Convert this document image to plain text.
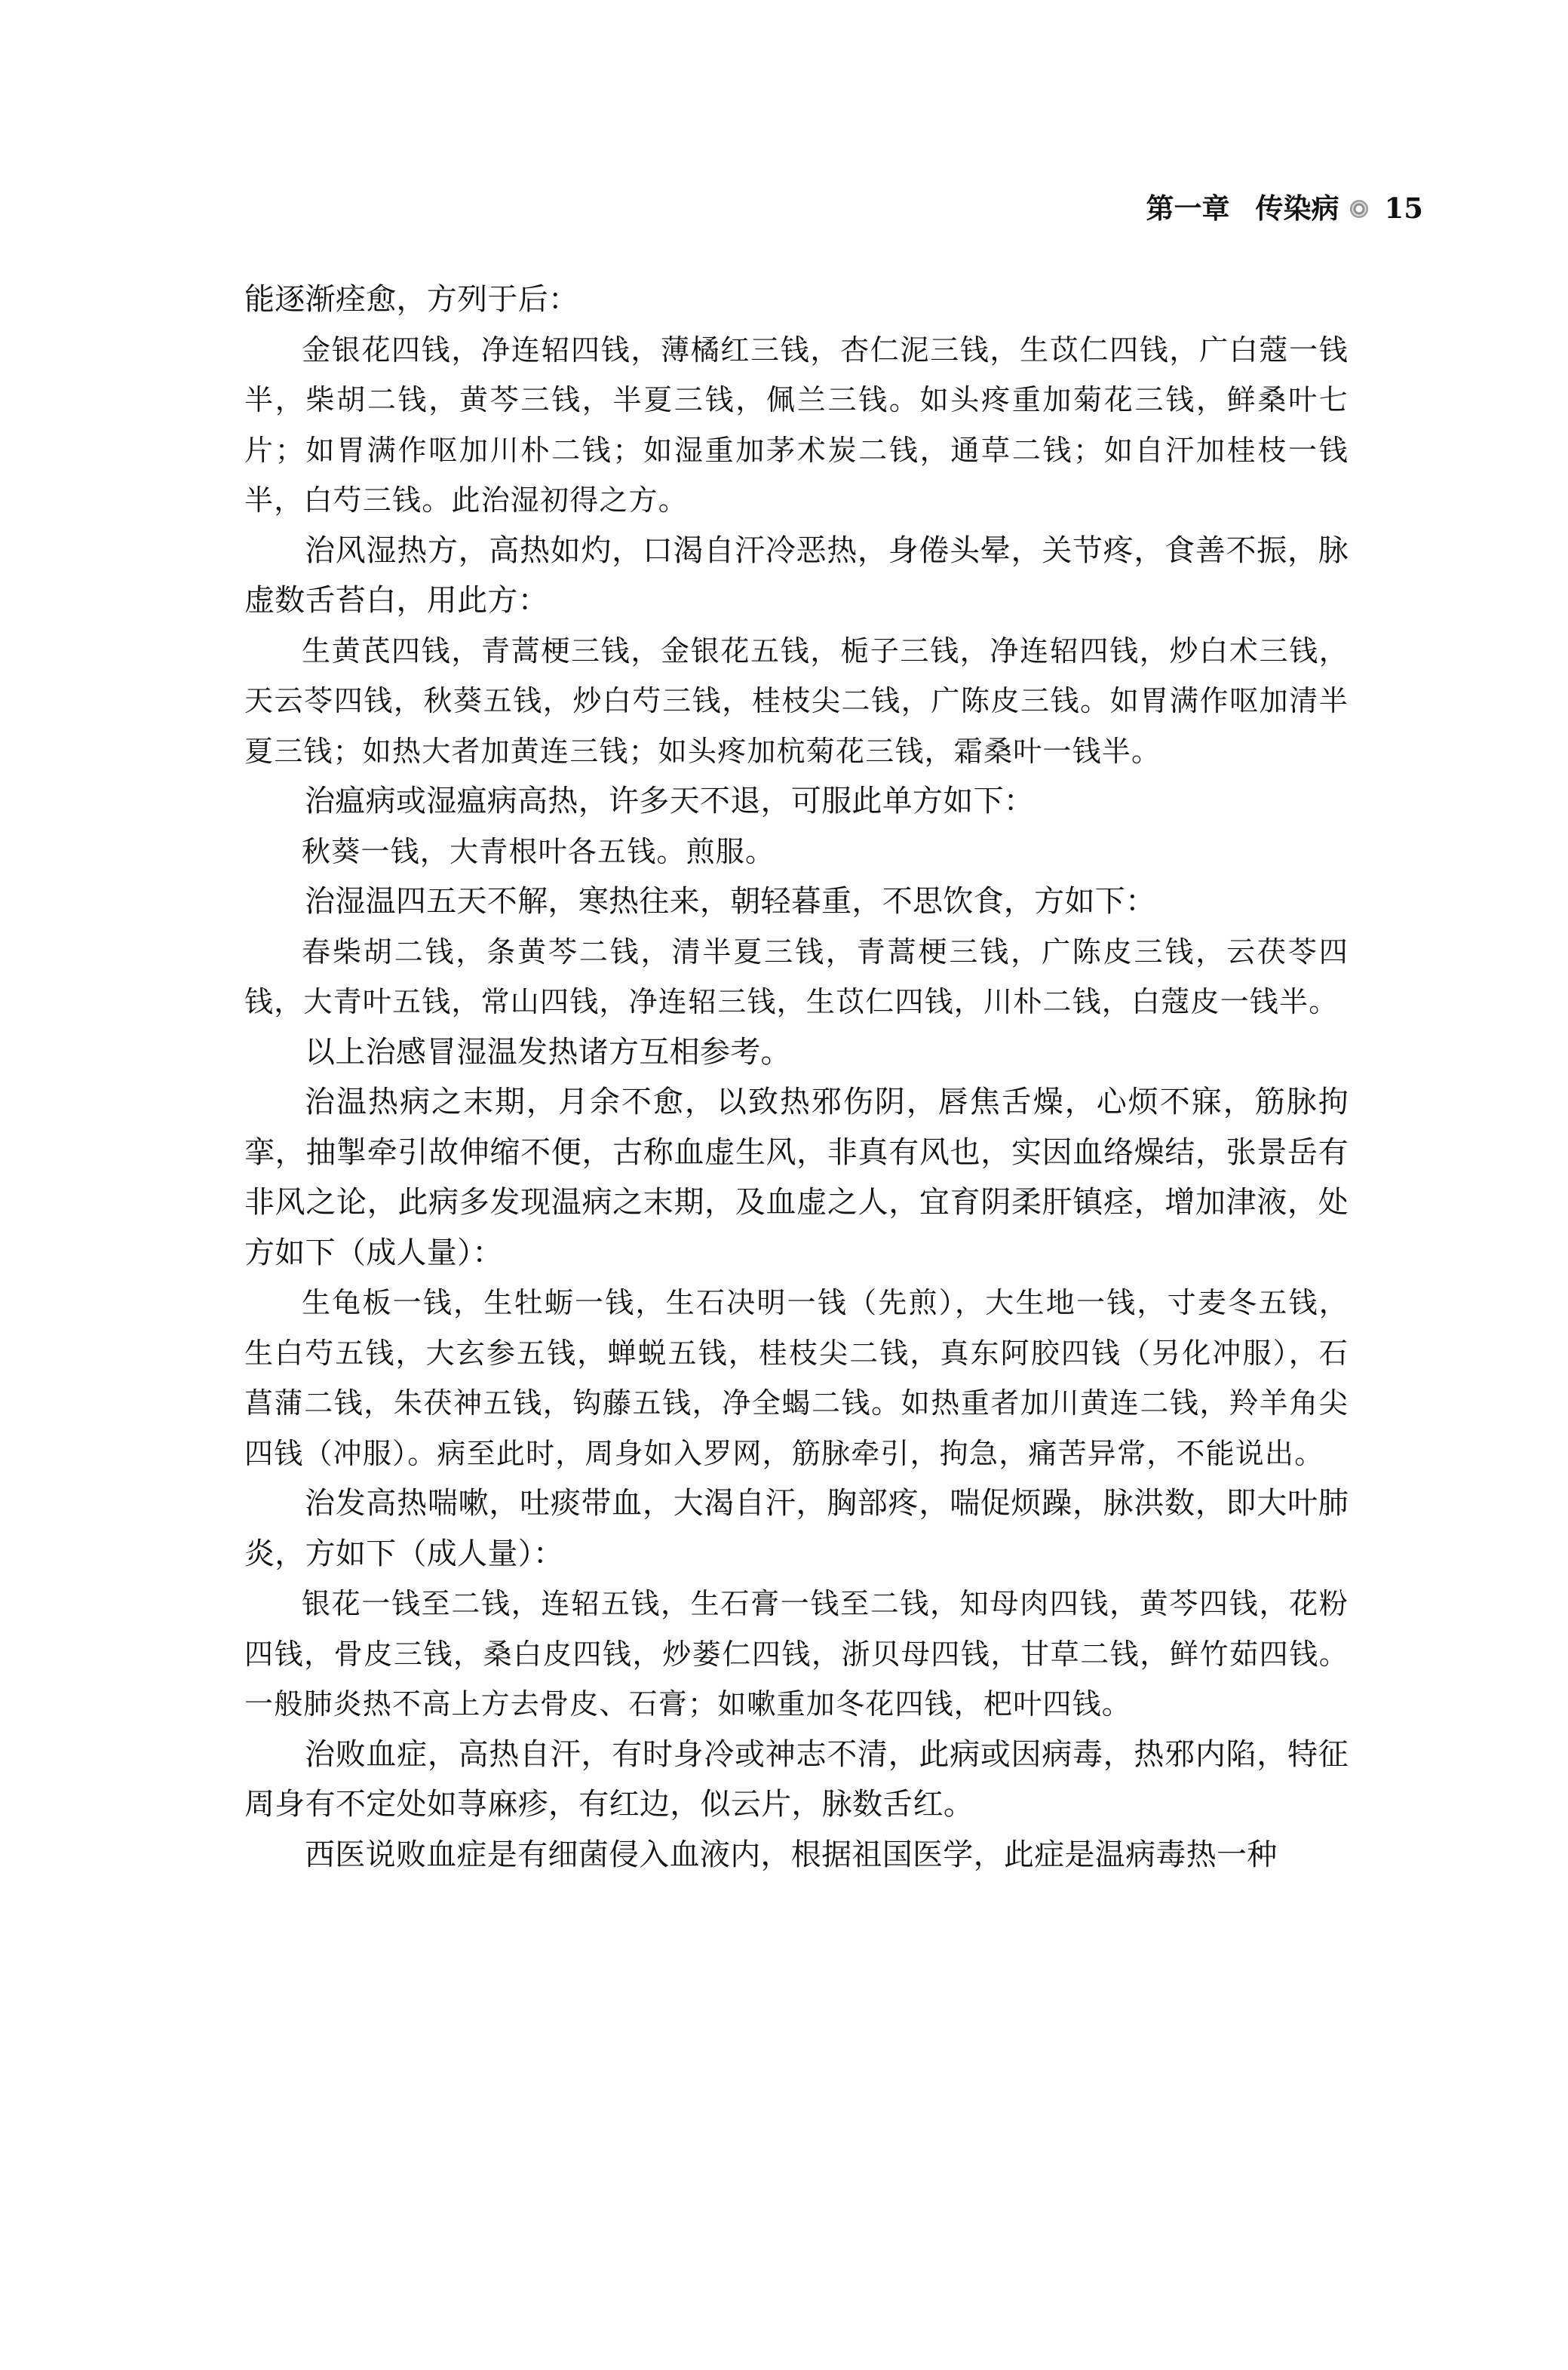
第一章 传染病 15

能逐渐痊愈，方列于后：

金银花四钱，净连轺四钱，薄橘红三钱，杏仁泥三钱，生苡仁四钱，广白蔻一钱半，柴胡二钱，黄芩三钱，半夏三钱，佩兰三钱。如头疼重加菊花三钱，鲜桑叶七片；如胃满作呕加川朴二钱；如湿重加茅术炭二钱，通草二钱；如自汗加桂枝一钱半，白芍三钱。此治湿初得之方。

治风湿热方，高热如灼，口渴自汗冷恶热，身倦头晕，关节疼，食善不振，脉虚数舌苔白，用此方：

生黄芪四钱，青蒿梗三钱，金银花五钱，栀子三钱，净连轺四钱，炒白术三钱，天云苓四钱，秋葵五钱，炒白芍三钱，桂枝尖二钱，广陈皮三钱。如胃满作呕加清半夏三钱；如热大者加黄连三钱；如头疼加杭菊花三钱，霜桑叶一钱半。

治瘟病或湿瘟病高热，许多天不退，可服此单方如下：

秋葵一钱，大青根叶各五钱。煎服。

治湿温四五天不解，寒热往来，朝轻暮重，不思饮食，方如下：

春柴胡二钱，条黄芩二钱，清半夏三钱，青蒿梗三钱，广陈皮三钱，云茯苓四钱，大青叶五钱，常山四钱，净连轺三钱，生苡仁四钱，川朴二钱，白蔻皮一钱半。

以上治感冒湿温发热诸方互相参考。

治温热病之末期，月余不愈，以致热邪伤阴，唇焦舌燥，心烦不寐，筋脉拘挛，抽掣牵引故伸缩不便，古称血虚生风，非真有风也，实因血络燥结，张景岳有非风之论，此病多发现温病之末期，及血虚之人，宜育阴柔肝镇痉，增加津液，处方如下（成人量）：

生龟板一钱，生牡蛎一钱，生石决明一钱（先煎），大生地一钱，寸麦冬五钱，生白芍五钱，大玄参五钱，蝉蜕五钱，桂枝尖二钱，真东阿胶四钱（另化冲服），石菖蒲二钱，朱茯神五钱，钩藤五钱，净全蝎二钱。如热重者加川黄连二钱，羚羊角尖四钱（冲服）。病至此时，周身如入罗网，筋脉牵引，拘急，痛苦异常，不能说出。

治发高热喘嗽，吐痰带血，大渴自汗，胸部疼，喘促烦躁，脉洪数，即大叶肺炎，方如下（成人量）：

银花一钱至二钱，连轺五钱，生石膏一钱至二钱，知母肉四钱，黄芩四钱，花粉四钱，骨皮三钱，桑白皮四钱，炒蒌仁四钱，浙贝母四钱，甘草二钱，鲜竹茹四钱。一般肺炎热不高上方去骨皮、石膏；如嗽重加冬花四钱，杷叶四钱。

治败血症，高热自汗，有时身冷或神志不清，此病或因病毒，热邪内陷，特征周身有不定处如荨麻疹，有红边，似云片，脉数舌红。

西医说败血症是有细菌侵入血液内，根据祖国医学，此症是温病毒热一种
